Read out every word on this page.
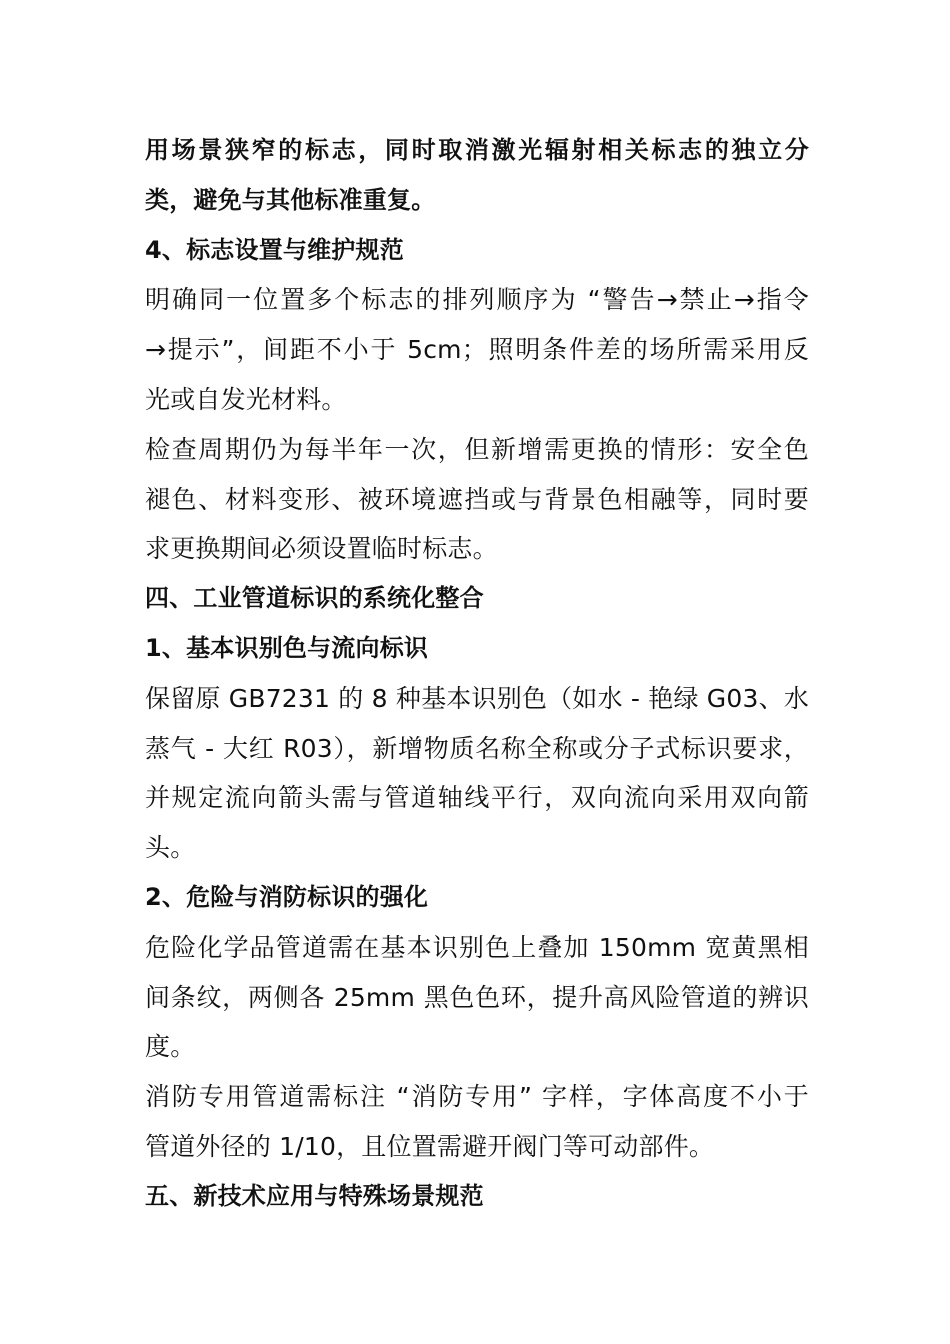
用场景狭窄的标志，同时取消激光辐射相关标志的独立分
类，避免与其他标准重复。
4、标志设置与维护规范
明确同一位置多个标志的排列顺序为 “警告→禁止→指令
→提示”，间距不小于 5cm；照明条件差的场所需采用反
光或自发光材料。
检查周期仍为每半年一次，但新增需更换的情形：安全色
褪色、材料变形、被环境遮挡或与背景色相融等，同时要
求更换期间必须设置临时标志。
四、工业管道标识的系统化整合
1、基本识别色与流向标识
保留原 GB7231 的 8 种基本识别色（如水 - 艳绿 G03、水
蒸气 - 大红 R03），新增物质名称全称或分子式标识要求，
并规定流向箭头需与管道轴线平行，双向流向采用双向箭
头。
2、危险与消防标识的强化
危险化学品管道需在基本识别色上叠加 150mm 宽黄黑相
间条纹，两侧各 25mm 黑色色环，提升高风险管道的辨识
度。
消防专用管道需标注 “消防专用” 字样，字体高度不小于
管道外径的 1/10，且位置需避开阀门等可动部件。
五、新技术应用与特殊场景规范
